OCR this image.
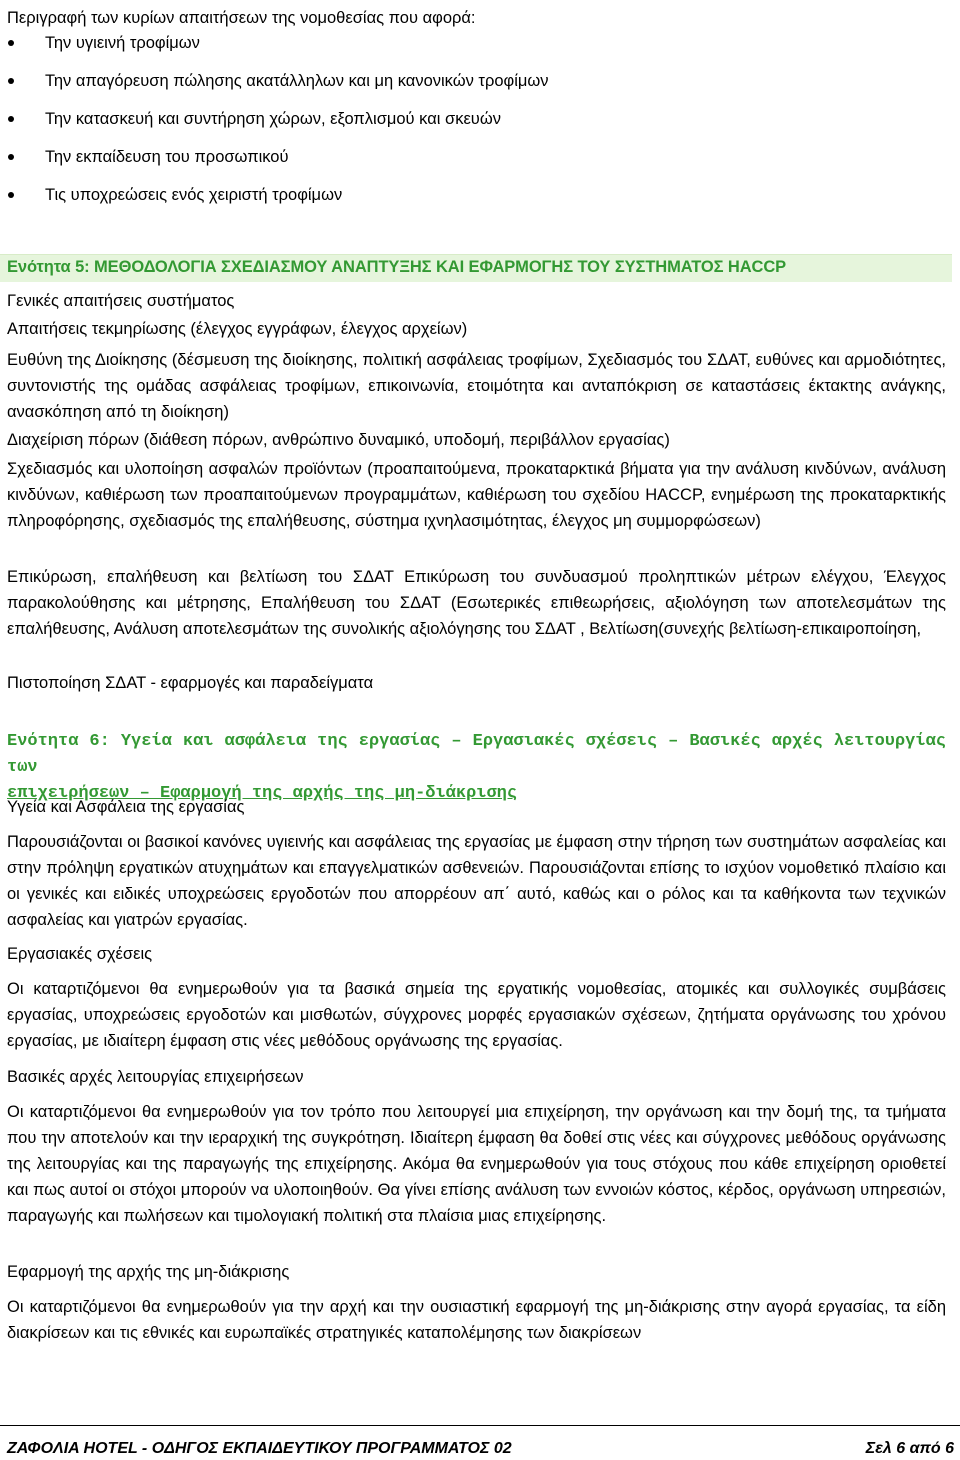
Περιγραφή των κυρίων απαιτήσεων της νομοθεσίας που αφορά:
Την υγιεινή τροφίμων
Την απαγόρευση πώλησης ακατάλληλων και μη κανονικών τροφίμων
Την κατασκευή και συντήρηση χώρων, εξοπλισμού και σκευών
Την εκπαίδευση του προσωπικού
Τις υποχρεώσεις ενός χειριστή τροφίμων
Ενότητα 5: ΜΕΘΟΔΟΛΟΓΙΑ ΣΧΕΔΙΑΣΜΟΥ ΑΝΑΠΤΥΞΗΣ ΚΑΙ ΕΦΑΡΜΟΓΗΣ ΤΟΥ ΣΥΣΤΗΜΑΤΟΣ HACCP
Γενικές απαιτήσεις συστήματος
Απαιτήσεις τεκμηρίωσης (έλεγχος εγγράφων, έλεγχος αρχείων)
Ευθύνη της Διοίκησης (δέσμευση της διοίκησης, πολιτική ασφάλειας τροφίμων, Σχεδιασμός του ΣΔΑΤ, ευθύνες και αρμοδιότητες, συντονιστής της ομάδας ασφάλειας τροφίμων, επικοινωνία, ετοιμότητα και ανταπόκριση σε καταστάσεις έκτακτης ανάγκης, ανασκόπηση από τη διοίκηση)
Διαχείριση πόρων (διάθεση πόρων, ανθρώπινο δυναμικό, υποδομή, περιβάλλον εργασίας)
Σχεδιασμός και υλοποίηση ασφαλών προϊόντων (προαπαιτούμενα, προκαταρκτικά βήματα για την ανάλυση κινδύνων, ανάλυση κινδύνων, καθιέρωση των προαπαιτούμενων προγραμμάτων, καθιέρωση του σχεδίου HACCP, ενημέρωση της προκαταρκτικής πληροφόρησης, σχεδιασμός της επαλήθευσης, σύστημα ιχνηλασιμότητας, έλεγχος μη συμμορφώσεων)
Επικύρωση, επαλήθευση και βελτίωση του ΣΔΑΤ Επικύρωση του συνδυασμού προληπτικών μέτρων ελέγχου, Έλεγχος παρακολούθησης και μέτρησης, Επαλήθευση του ΣΔΑΤ (Εσωτερικές επιθεωρήσεις, αξιολόγηση των αποτελεσμάτων της επαλήθευσης, Ανάλυση αποτελεσμάτων της συνολικής αξιολόγησης του ΣΔΑΤ , Βελτίωση(συνεχής βελτίωση-επικαιροποίηση,
Πιστοποίηση ΣΔΑΤ - εφαρμογές και παραδείγματα
Ενότητα 6: Υγεία και ασφάλεια της εργασίας – Εργασιακές σχέσεις – Βασικές αρχές λειτουργίας των
επιχειρήσεων – Εφαρμογή της αρχής της μη-διάκρισης
Υγεία και Ασφάλεια της εργασίας
Παρουσιάζονται οι βασικοί κανόνες υγιεινής και ασφάλειας της εργασίας με έμφαση στην τήρηση των συστημάτων ασφαλείας και στην πρόληψη εργατικών ατυχημάτων και επαγγελματικών ασθενειών. Παρουσιάζονται επίσης το ισχύον νομοθετικό πλαίσιο και οι γενικές και ειδικές υποχρεώσεις εργοδοτών που απορρέουν απ΄ αυτό, καθώς και ο ρόλος και τα καθήκοντα των τεχνικών ασφαλείας και γιατρών εργασίας.
Εργασιακές σχέσεις
Οι καταρτιζόμενοι θα ενημερωθούν για τα βασικά σημεία της εργατικής νομοθεσίας, ατομικές και συλλογικές συμβάσεις εργασίας, υποχρεώσεις εργοδοτών και μισθωτών, σύγχρονες μορφές εργασιακών σχέσεων, ζητήματα οργάνωσης του χρόνου εργασίας, με ιδιαίτερη έμφαση στις νέες μεθόδους οργάνωσης της εργασίας.
Βασικές αρχές λειτουργίας επιχειρήσεων
Οι καταρτιζόμενοι θα ενημερωθούν για τον τρόπο που λειτουργεί μια επιχείρηση, την οργάνωση και την δομή της, τα τμήματα που την αποτελούν και την ιεραρχική της συγκρότηση. Ιδιαίτερη έμφαση θα δοθεί στις νέες και σύγχρονες μεθόδους οργάνωσης της λειτουργίας και της παραγωγής της επιχείρησης. Ακόμα θα ενημερωθούν για τους στόχους που κάθε επιχείρηση οριοθετεί και πως αυτοί οι στόχοι μπορούν να υλοποιηθούν. Θα γίνει επίσης ανάλυση των εννοιών κόστος, κέρδος, οργάνωση υπηρεσιών, παραγωγής και πωλήσεων και τιμολογιακή πολιτική στα πλαίσια μιας επιχείρησης.
Εφαρμογή της αρχής της μη-διάκρισης
Οι καταρτιζόμενοι θα ενημερωθούν για την αρχή και την ουσιαστική εφαρμογή της μη-διάκρισης στην αγορά εργασίας, τα είδη διακρίσεων και τις εθνικές και ευρωπαϊκές στρατηγικές καταπολέμησης των διακρίσεων
ΖΑΦΟΛΙΑ HOTEL - ΟΔΗΓΟΣ ΕΚΠΑΙΔΕΥΤΙΚΟΥ ΠΡΟΓΡΑΜΜΑΤΟΣ 02	Σελ 6 από 6
